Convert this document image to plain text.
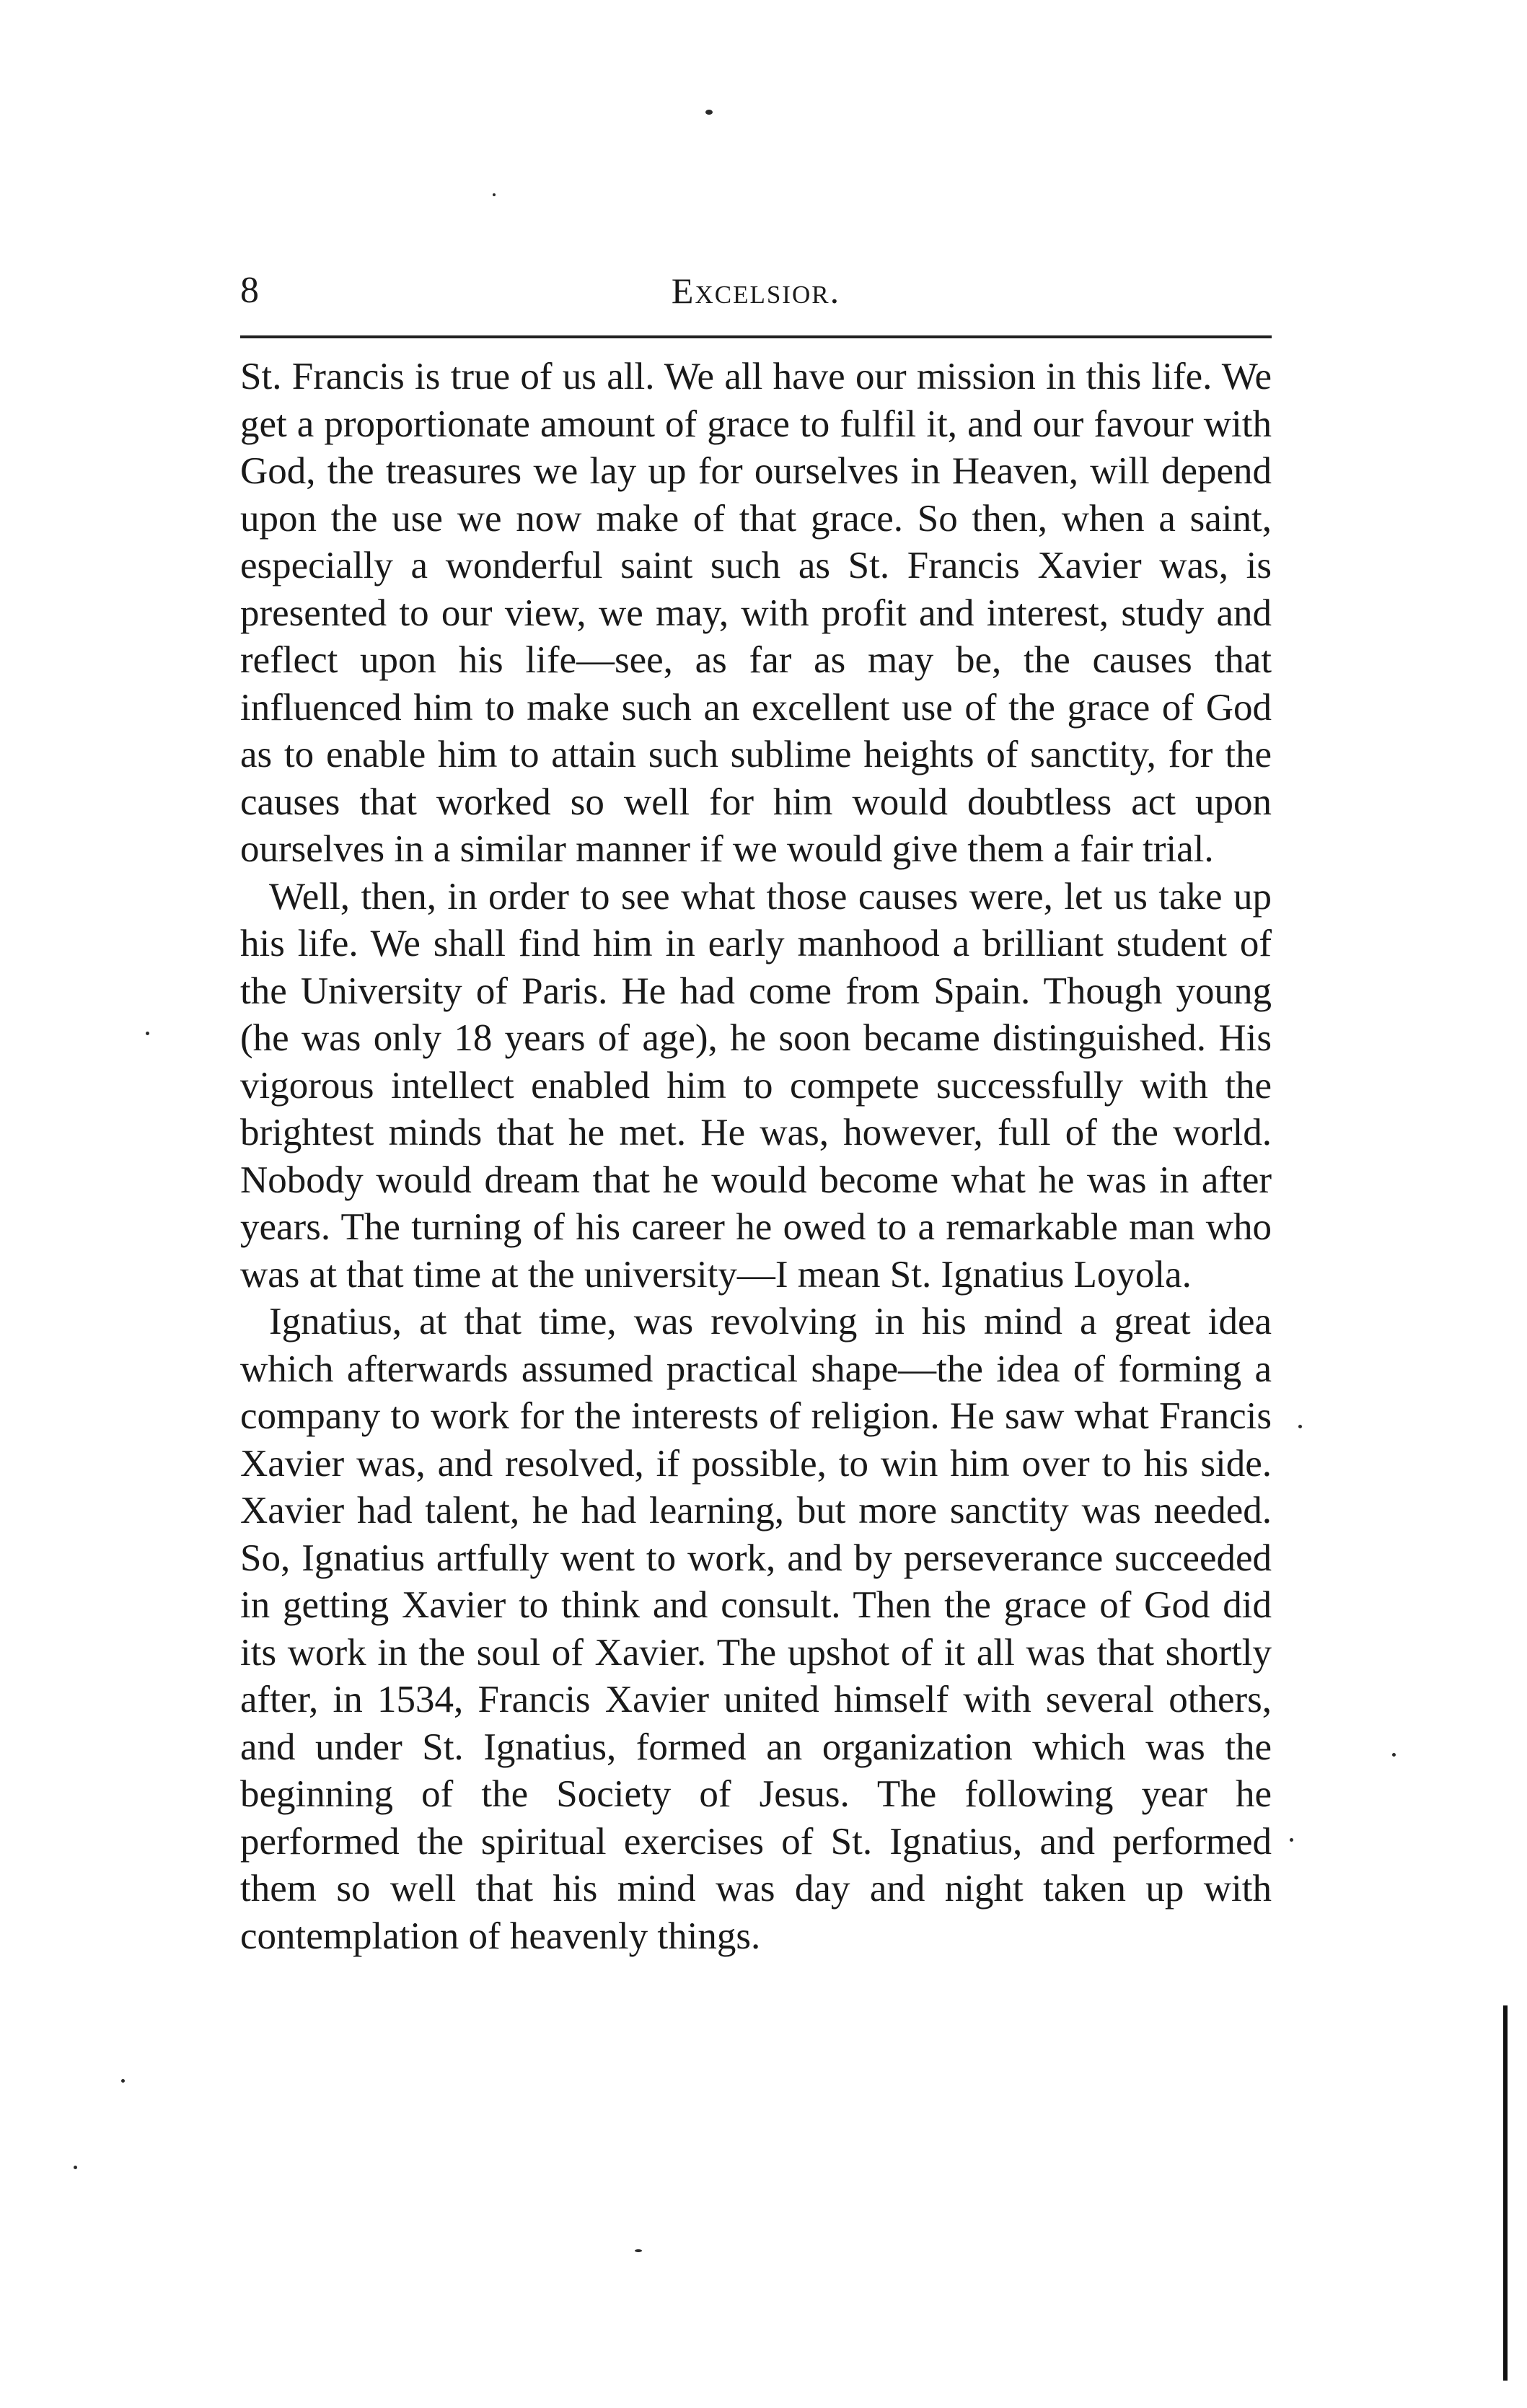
8	Excelsior.

St. Francis is true of us all. We all have our mission in this life. We get a proportionate amount of grace to fulfil it, and our favour with God, the treasures we lay up for ourselves in Heaven, will depend upon the use we now make of that grace. So then, when a saint, especially a wonderful saint such as St. Francis Xavier was, is presented to our view, we may, with profit and interest, study and reflect upon his life—see, as far as may be, the causes that influenced him to make such an excellent use of the grace of God as to enable him to attain such sublime heights of sanctity, for the causes that worked so well for him would doubtless act upon ourselves in a similar manner if we would give them a fair trial.

Well, then, in order to see what those causes were, let us take up his life. We shall find him in early manhood a brilliant student of the University of Paris. He had come from Spain. Though young (he was only 18 years of age), he soon became distinguished. His vigorous intellect enabled him to compete successfully with the brightest minds that he met. He was, however, full of the world. Nobody would dream that he would become what he was in after years. The turning of his career he owed to a remarkable man who was at that time at the university—I mean St. Ignatius Loyola.

Ignatius, at that time, was revolving in his mind a great idea which afterwards assumed practical shape—the idea of forming a company to work for the interests of religion. He saw what Francis Xavier was, and resolved, if possible, to win him over to his side. Xavier had talent, he had learning, but more sanctity was needed. So, Ignatius artfully went to work, and by perseverance succeeded in getting Xavier to think and consult. Then the grace of God did its work in the soul of Xavier. The upshot of it all was that shortly after, in 1534, Francis Xavier united himself with several others, and under St. Ignatius, formed an organization which was the beginning of the Society of Jesus. The following year he performed the spiritual exercises of St. Ignatius, and performed them so well that his mind was day and night taken up with contemplation of heavenly things.
